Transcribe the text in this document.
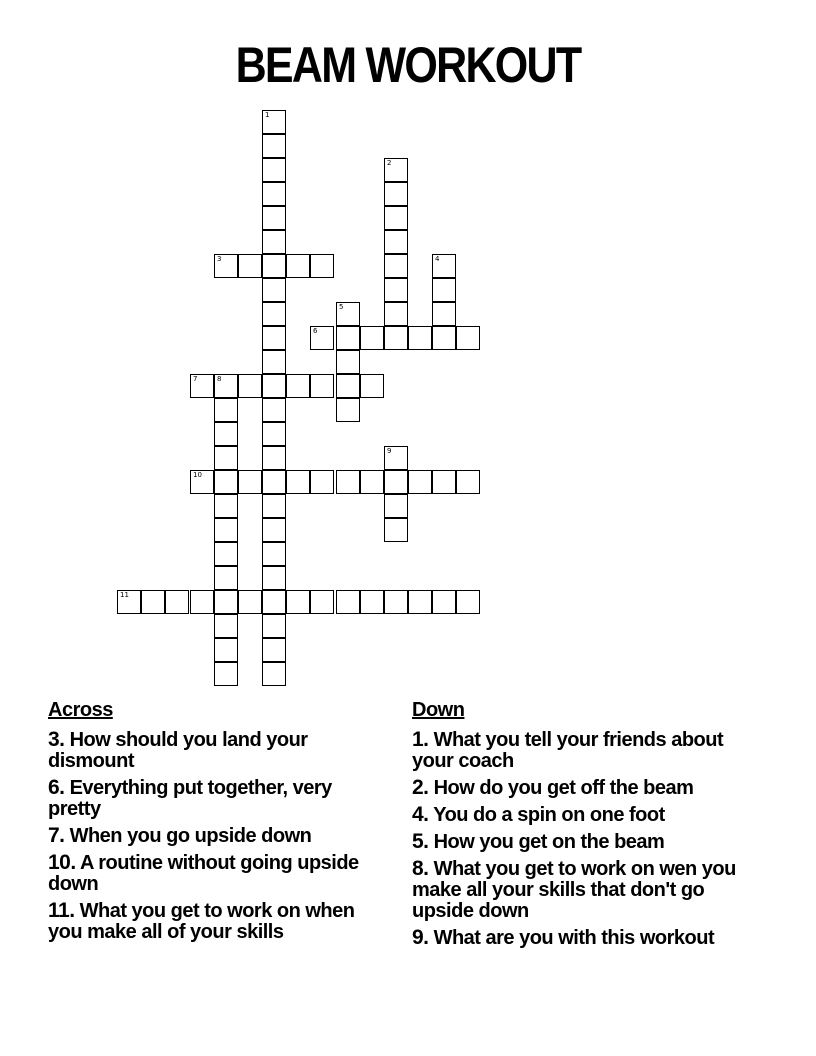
BEAM WORKOUT
1
2
3	4
5
6
7	8
9
10
11
Across
3. How should you land your dismount
6. Everything put together, very pretty
7. When you go upside down
10. A routine without going upside down
11. What you get to work on when you make all of your skills
Down
1. What you tell your friends about your coach
2. How do you get off the beam
4. You do a spin on one foot
5. How you get on the beam
8. What you get to work on wen you make all your skills that don't go upside down
9. What are you with this workout
